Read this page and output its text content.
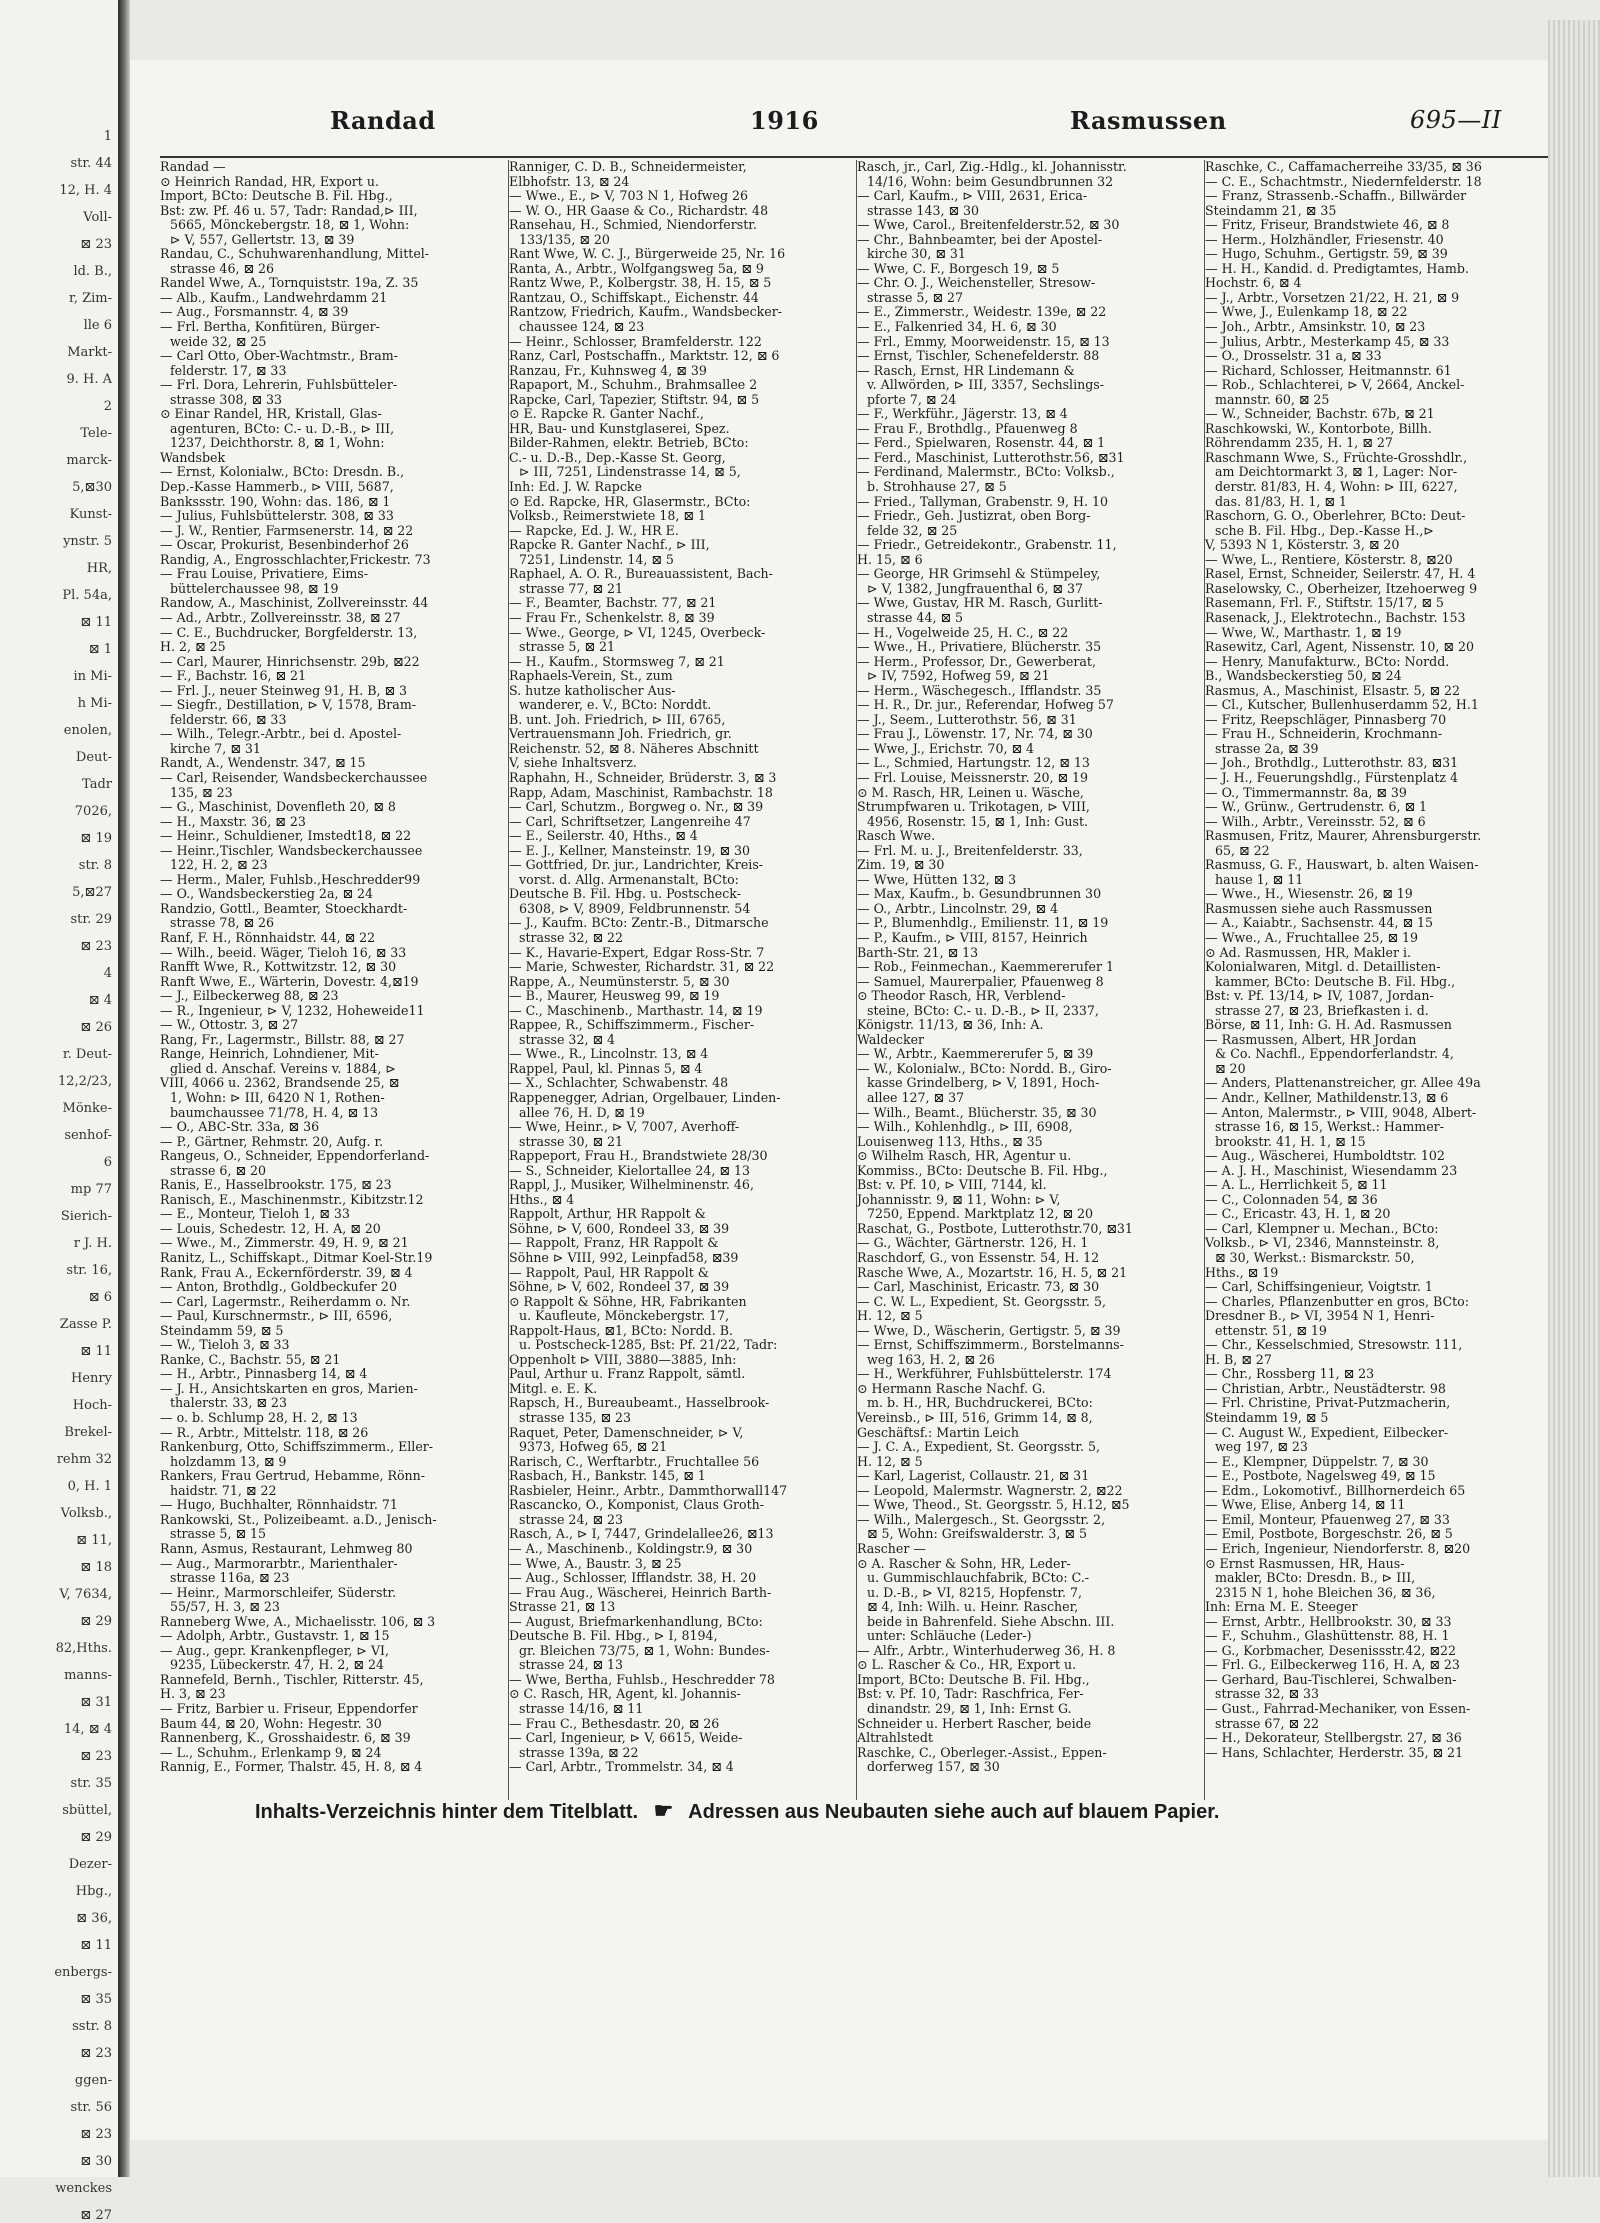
1
str. 44
12, H. 4
Voll-
⊠ 23
ld. B.,
r, Zim-
lle 6
Markt-
9. H. A
2
Tele-
marck-
5,⊠30
Kunst-
ynstr. 5
HR,
Pl. 54a,
⊠ 11
⊠ 1
in Mi-
h Mi-
enolen,
Deut-
Tadr
7026,
⊠ 19
str. 8
5,⊠27
str. 29
⊠ 23
4
⊠ 4
⊠ 26
r. Deut-
12,2/23,
Mönke-
senhof-
6
mp 77
Sierich-
r J. H.
str. 16,
⊠ 6
Zasse P.
⊠ 11
Henry
Hoch-
Brekel-
rehm 32
0, H. 1
Volksb.,
⊠ 11,
⊠ 18
V, 7634,
⊠ 29
82,Hths.
manns-
⊠ 31
14, ⊠ 4
⊠ 23
str. 35
sbüttel,
⊠ 29
Dezer-
Hbg.,
⊠ 36,
⊠ 11
enbergs-
⊠ 35
sstr. 8
⊠ 23
ggen-
str. 56
⊠ 23
⊠ 30
wenckes
⊠ 27
Randad	1916	Rasmussen	695—II
Randad —
⊙ Heinrich Randad, HR, Export u.
Import, BCto: Deutsche B. Fil. Hbg.,
Bst: zw. Pf. 46 u. 57, Tadr: Randad,⊳ III,
5665, Mönckebergstr. 18, ⊠ 1, Wohn:
⊳ V, 557, Gellertstr. 13, ⊠ 39
Randau, C., Schuhwarenhandlung, Mittel-
strasse 46, ⊠ 26
Randel Wwe, A., Tornquiststr. 19a, Z. 35
— Alb., Kaufm., Landwehrdamm 21
— Aug., Forsmannstr. 4, ⊠ 39
— Frl. Bertha, Konfitüren, Bürger-
weide 32, ⊠ 25
— Carl Otto, Ober-Wachtmstr., Bram-
felderstr. 17, ⊠ 33
— Frl. Dora, Lehrerin, Fuhlsbütteler-
strasse 308, ⊠ 33
⊙ Einar Randel, HR, Kristall, Glas-
agenturen, BCto: C.- u. D.-B., ⊳ III,
1237, Deichthorstr. 8, ⊠ 1, Wohn:
Wandsbek
— Ernst, Kolonialw., BCto: Dresdn. B.,
Dep.-Kasse Hammerb., ⊳ VIII, 5687,
Bankssstr. 190, Wohn: das. 186, ⊠ 1
— Julius, Fuhlsbüttelerstr. 308, ⊠ 33
— J. W., Rentier, Farmsenerstr. 14, ⊠ 22
— Oscar, Prokurist, Besenbinderhof 26
Randig, A., Engrosschlachter,Frickestr. 73
— Frau Louise, Privatiere, Eims-
büttelerchaussee 98, ⊠ 19
Randow, A., Maschinist, Zollvereinsstr. 44
— Ad., Arbtr., Zollvereinsstr. 38, ⊠ 27
— C. E., Buchdrucker, Borgfelderstr. 13,
H. 2, ⊠ 25
— Carl, Maurer, Hinrichsenstr. 29b, ⊠22
— F., Bachstr. 16, ⊠ 21
— Frl. J., neuer Steinweg 91, H. B, ⊠ 3
— Siegfr., Destillation, ⊳ V, 1578, Bram-
felderstr. 66, ⊠ 33
— Wilh., Telegr.-Arbtr., bei d. Apostel-
kirche 7, ⊠ 31
Randt, A., Wendenstr. 347, ⊠ 15
— Carl, Reisender, Wandsbeckerchaussee
135, ⊠ 23
— G., Maschinist, Dovenfleth 20, ⊠ 8
— H., Maxstr. 36, ⊠ 23
— Heinr., Schuldiener, Imstedt18, ⊠ 22
— Heinr.,Tischler, Wandsbeckerchaussee
122, H. 2, ⊠ 23
— Herm., Maler, Fuhlsb.,Heschredder99
— O., Wandsbeckerstieg 2a, ⊠ 24
Randzio, Gottl., Beamter, Stoeckhardt-
strasse 78, ⊠ 26
Ranf, F. H., Rönnhaidstr. 44, ⊠ 22
— Wilh., beeid. Wäger, Tieloh 16, ⊠ 33
Ranfft Wwe, R., Kottwitzstr. 12, ⊠ 30
Ranft Wwe, E., Wärterin, Dovestr. 4,⊠19
— J., Eilbeckerweg 88, ⊠ 23
— R., Ingenieur, ⊳ V, 1232, Hoheweide11
— W., Ottostr. 3, ⊠ 27
Rang, Fr., Lagermstr., Billstr. 88, ⊠ 27
Range, Heinrich, Lohndiener, Mit-
glied d. Anschaf. Vereins v. 1884, ⊳
VIII, 4066 u. 2362, Brandsende 25, ⊠
1, Wohn: ⊳ III, 6420 N 1, Rothen-
baumchaussee 71/78, H. 4, ⊠ 13
— O., ABC-Str. 33a, ⊠ 36
— P., Gärtner, Rehmstr. 20, Aufg. r.
Rangeus, O., Schneider, Eppendorferland-
strasse 6, ⊠ 20
Ranis, E., Hasselbrookstr. 175, ⊠ 23
Ranisch, E., Maschinenmstr., Kibitzstr.12
— E., Monteur, Tieloh 1, ⊠ 33
— Louis, Schedestr. 12, H. A, ⊠ 20
— Wwe., M., Zimmerstr. 49, H. 9, ⊠ 21
Ranitz, L., Schiffskapt., Ditmar Koel-Str.19
Rank, Frau A., Eckernförderstr. 39, ⊠ 4
— Anton, Brothdlg., Goldbeckufer 20
— Carl, Lagermstr., Reiherdamm o. Nr.
— Paul, Kurschnermstr., ⊳ III, 6596,
Steindamm 59, ⊠ 5
— W., Tieloh 3, ⊠ 33
Ranke, C., Bachstr. 55, ⊠ 21
— H., Arbtr., Pinnasberg 14, ⊠ 4
— J. H., Ansichtskarten en gros, Marien-
thalerstr. 33, ⊠ 23
— o. b. Schlump 28, H. 2, ⊠ 13
— R., Arbtr., Mittelstr. 118, ⊠ 26
Rankenburg, Otto, Schiffszimmerm., Eller-
holzdamm 13, ⊠ 9
Rankers, Frau Gertrud, Hebamme, Rönn-
haidstr. 71, ⊠ 22
— Hugo, Buchhalter, Rönnhaidstr. 71
Rankowski, St., Polizeibeamt. a.D., Jenisch-
strasse 5, ⊠ 15
Rann, Asmus, Restaurant, Lehmweg 80
— Aug., Marmorarbtr., Marienthaler-
strasse 116a, ⊠ 23
— Heinr., Marmorschleifer, Süderstr.
55/57, H. 3, ⊠ 23
Ranneberg Wwe, A., Michaelisstr. 106, ⊠ 3
— Adolph, Arbtr., Gustavstr. 1, ⊠ 15
— Aug., gepr. Krankenpfleger, ⊳ VI,
9235, Lübeckerstr. 47, H. 2, ⊠ 24
Rannefeld, Bernh., Tischler, Ritterstr. 45,
H. 3, ⊠ 23
— Fritz, Barbier u. Friseur, Eppendorfer
Baum 44, ⊠ 20, Wohn: Hegestr. 30
Rannenberg, K., Grosshaidestr. 6, ⊠ 39
— L., Schuhm., Erlenkamp 9, ⊠ 24
Rannig, E., Former, Thalstr. 45, H. 8, ⊠ 4
Ranniger, C. D. B., Schneidermeister,
Elbhofstr. 13, ⊠ 24
— Wwe., E., ⊳ V, 703 N 1, Hofweg 26
— W. O., HR Gaase & Co., Richardstr. 48
Ransehau, H., Schmied, Niendorferstr.
133/135, ⊠ 20
Rant Wwe, W. C. J., Bürgerweide 25, Nr. 16
Ranta, A., Arbtr., Wolfgangsweg 5a, ⊠ 9
Rantz Wwe, P., Kolbergstr. 38, H. 15, ⊠ 5
Rantzau, O., Schiffskapt., Eichenstr. 44
Rantzow, Friedrich, Kaufm., Wandsbecker-
chaussee 124, ⊠ 23
— Heinr., Schlosser, Bramfelderstr. 122
Ranz, Carl, Postschaffn., Marktstr. 12, ⊠ 6
Ranzau, Fr., Kuhnsweg 4, ⊠ 39
Rapaport, M., Schuhm., Brahmsallee 2
Rapcke, Carl, Tapezier, Stiftstr. 94, ⊠ 5
⊙ E. Rapcke R. Ganter Nachf.,
HR, Bau- und Kunstglaserei, Spez.
Bilder-Rahmen, elektr. Betrieb, BCto:
C.- u. D.-B., Dep.-Kasse St. Georg,
⊳ III, 7251, Lindenstrasse 14, ⊠ 5,
Inh: Ed. J. W. Rapcke
⊙ Ed. Rapcke, HR, Glasermstr., BCto:
Volksb., Reimerstwiete 18, ⊠ 1
— Rapcke, Ed. J. W., HR E.
Rapcke R. Ganter Nachf., ⊳ III,
7251, Lindenstr. 14, ⊠ 5
Raphael, A. O. R., Bureauassistent, Bach-
strasse 77, ⊠ 21
— F., Beamter, Bachstr. 77, ⊠ 21
— Frau Fr., Schenkelstr. 8, ⊠ 39
— Wwe., George, ⊳ VI, 1245, Overbeck-
strasse 5, ⊠ 21
— H., Kaufm., Stormsweg 7, ⊠ 21
Raphaels-Verein, St., zum
S. hutze katholischer Aus-
wanderer, e. V., BCto: Norddt.
B. unt. Joh. Friedrich, ⊳ III, 6765,
Vertrauensmann Joh. Friedrich, gr.
Reichenstr. 52, ⊠ 8. Näheres Abschnitt
V, siehe Inhaltsverz.
Raphahn, H., Schneider, Brüderstr. 3, ⊠ 3
Rapp, Adam, Maschinist, Rambachstr. 18
— Carl, Schutzm., Borgweg o. Nr., ⊠ 39
— Carl, Schriftsetzer, Langenreihe 47
— E., Seilerstr. 40, Hths., ⊠ 4
— E. J., Kellner, Mansteinstr. 19, ⊠ 30
— Gottfried, Dr. jur., Landrichter, Kreis-
vorst. d. Allg. Armenanstalt, BCto:
Deutsche B. Fil. Hbg. u. Postscheck-
6308, ⊳ V, 8909, Feldbrunnenstr. 54
— J., Kaufm. BCto: Zentr.-B., Ditmarsche
strasse 32, ⊠ 22
— K., Havarie-Expert, Edgar Ross-Str. 7
— Marie, Schwester, Richardstr. 31, ⊠ 22
Rappe, A., Neumünsterstr. 5, ⊠ 30
— B., Maurer, Heusweg 99, ⊠ 19
— C., Maschinenb., Marthastr. 14, ⊠ 19
Rappee, R., Schiffszimmerm., Fischer-
strasse 32, ⊠ 4
— Wwe., R., Lincolnstr. 13, ⊠ 4
Rappel, Paul, kl. Pinnas 5, ⊠ 4
— X., Schlachter, Schwabenstr. 48
Rappenegger, Adrian, Orgelbauer, Linden-
allee 76, H. D, ⊠ 19
— Wwe, Heinr., ⊳ V, 7007, Averhoff-
strasse 30, ⊠ 21
Rappeport, Frau H., Brandstwiete 28/30
— S., Schneider, Kielortallee 24, ⊠ 13
Rappl, J., Musiker, Wilhelminenstr. 46,
Hths., ⊠ 4
Rappolt, Arthur, HR Rappolt &
Söhne, ⊳ V, 600, Rondeel 33, ⊠ 39
— Rappolt, Franz, HR Rappolt &
Söhne ⊳ VIII, 992, Leinpfad58, ⊠39
— Rappolt, Paul, HR Rappolt &
Söhne, ⊳ V, 602, Rondeel 37, ⊠ 39
⊙ Rappolt & Söhne, HR, Fabrikanten
u. Kaufleute, Mönckebergstr. 17,
Rappolt-Haus, ⊠1, BCto: Nordd. B.
u. Postscheck-1285, Bst: Pf. 21/22, Tadr:
Oppenholt ⊳ VIII, 3880—3885, Inh:
Paul, Arthur u. Franz Rappolt, sämtl.
Mitgl. e. E. K.
Rapsch, H., Bureaubeamt., Hasselbrook-
strasse 135, ⊠ 23
Raquet, Peter, Damenschneider, ⊳ V,
9373, Hofweg 65, ⊠ 21
Rarisch, C., Werftarbtr., Fruchtallee 56
Rasbach, H., Bankstr. 145, ⊠ 1
Rasbieler, Heinr., Arbtr., Dammthorwall147
Rascancko, O., Komponist, Claus Groth-
strasse 24, ⊠ 23
Rasch, A., ⊳ I, 7447, Grindelallee26, ⊠13
— A., Maschinenb., Koldingstr.9, ⊠ 30
— Wwe, A., Baustr. 3, ⊠ 25
— Aug., Schlosser, Ifflandstr. 38, H. 20
— Frau Aug., Wäscherei, Heinrich Barth-
Strasse 21, ⊠ 13
— August, Briefmarkenhandlung, BCto:
Deutsche B. Fil. Hbg., ⊳ I, 8194,
gr. Bleichen 73/75, ⊠ 1, Wohn: Bundes-
strasse 24, ⊠ 13
— Wwe, Bertha, Fuhlsb., Heschredder 78
⊙ C. Rasch, HR, Agent, kl. Johannis-
strasse 14/16, ⊠ 11
— Frau C., Bethesdastr. 20, ⊠ 26
— Carl, Ingenieur, ⊳ V, 6615, Weide-
strasse 139a, ⊠ 22
— Carl, Arbtr., Trommelstr. 34, ⊠ 4
Rasch, jr., Carl, Zig.-Hdlg., kl. Johannisstr.
14/16, Wohn: beim Gesundbrunnen 32
— Carl, Kaufm., ⊳ VIII, 2631, Erica-
strasse 143, ⊠ 30
— Wwe, Carol., Breitenfelderstr.52, ⊠ 30
— Chr., Bahnbeamter, bei der Apostel-
kirche 30, ⊠ 31
— Wwe, C. F., Borgesch 19, ⊠ 5
— Chr. O. J., Weichensteller, Stresow-
strasse 5, ⊠ 27
— E., Zimmerstr., Weidestr. 139e, ⊠ 22
— E., Falkenried 34, H. 6, ⊠ 30
— Frl., Emmy, Moorweidenstr. 15, ⊠ 13
— Ernst, Tischler, Schenefelderstr. 88
— Rasch, Ernst, HR Lindemann &
v. Allwörden, ⊳ III, 3357, Sechslings-
pforte 7, ⊠ 24
— F., Werkführ., Jägerstr. 13, ⊠ 4
— Frau F., Brothdlg., Pfauenweg 8
— Ferd., Spielwaren, Rosenstr. 44, ⊠ 1
— Ferd., Maschinist, Lutterothstr.56, ⊠31
— Ferdinand, Malermstr., BCto: Volksb.,
b. Strohhause 27, ⊠ 5
— Fried., Tallyman, Grabenstr. 9, H. 10
— Friedr., Geh. Justizrat, oben Borg-
felde 32, ⊠ 25
— Friedr., Getreidekontr., Grabenstr. 11,
H. 15, ⊠ 6
— George, HR Grimsehl & Stümpeley,
⊳ V, 1382, Jungfrauenthal 6, ⊠ 37
— Wwe, Gustav, HR M. Rasch, Gurlitt-
strasse 44, ⊠ 5
— H., Vogelweide 25, H. C., ⊠ 22
— Wwe., H., Privatiere, Blücherstr. 35
— Herm., Professor, Dr., Gewerberat,
⊳ IV, 7592, Hofweg 59, ⊠ 21
— Herm., Wäschegesch., Ifflandstr. 35
— H. R., Dr. jur., Referendar, Hofweg 57
— J., Seem., Lutterothstr. 56, ⊠ 31
— Frau J., Löwenstr. 17, Nr. 74, ⊠ 30
— Wwe, J., Erichstr. 70, ⊠ 4
— L., Schmied, Hartungstr. 12, ⊠ 13
— Frl. Louise, Meissnerstr. 20, ⊠ 19
⊙ M. Rasch, HR, Leinen u. Wäsche,
Strumpfwaren u. Trikotagen, ⊳ VIII,
4956, Rosenstr. 15, ⊠ 1, Inh: Gust.
Rasch Wwe.
— Frl. M. u. J., Breitenfelderstr. 33,
Zim. 19, ⊠ 30
— Wwe, Hütten 132, ⊠ 3
— Max, Kaufm., b. Gesundbrunnen 30
— O., Arbtr., Lincolnstr. 29, ⊠ 4
— P., Blumenhdlg., Emilienstr. 11, ⊠ 19
— P., Kaufm., ⊳ VIII, 8157, Heinrich
Barth-Str. 21, ⊠ 13
— Rob., Feinmechan., Kaemmererufer 1
— Samuel, Maurerpalier, Pfauenweg 8
⊙ Theodor Rasch, HR, Verblend-
steine, BCto: C.- u. D.-B., ⊳ II, 2337,
Königstr. 11/13, ⊠ 36, Inh: A.
Waldecker
— W., Arbtr., Kaemmererufer 5, ⊠ 39
— W., Kolonialw., BCto: Nordd. B., Giro-
kasse Grindelberg, ⊳ V, 1891, Hoch-
allee 127, ⊠ 37
— Wilh., Beamt., Blücherstr. 35, ⊠ 30
— Wilh., Kohlenhdlg., ⊳ III, 6908,
Louisenweg 113, Hths., ⊠ 35
⊙ Wilhelm Rasch, HR, Agentur u.
Kommiss., BCto: Deutsche B. Fil. Hbg.,
Bst: v. Pf. 10, ⊳ VIII, 7144, kl.
Johannisstr. 9, ⊠ 11, Wohn: ⊳ V,
7250, Eppend. Marktplatz 12, ⊠ 20
Raschat, G., Postbote, Lutterothstr.70, ⊠31
— G., Wächter, Gärtnerstr. 126, H. 1
Raschdorf, G., von Essenstr. 54, H. 12
Rasche Wwe, A., Mozartstr. 16, H. 5, ⊠ 21
— Carl, Maschinist, Ericastr. 73, ⊠ 30
— C. W. L., Expedient, St. Georgsstr. 5,
H. 12, ⊠ 5
— Wwe, D., Wäscherin, Gertigstr. 5, ⊠ 39
— Ernst, Schiffszimmerm., Borstelmanns-
weg 163, H. 2, ⊠ 26
— H., Werkführer, Fuhlsbüttelerstr. 174
⊙ Hermann Rasche Nachf. G.
m. b. H., HR, Buchdruckerei, BCto:
Vereinsb., ⊳ III, 516, Grimm 14, ⊠ 8,
Geschäftsf.: Martin Leich
— J. C. A., Expedient, St. Georgsstr. 5,
H. 12, ⊠ 5
— Karl, Lagerist, Collaustr. 21, ⊠ 31
— Leopold, Malermstr. Wagnerstr. 2, ⊠22
— Wwe, Theod., St. Georgsstr. 5, H.12, ⊠5
— Wilh., Malergesch., St. Georgsstr. 2,
⊠ 5, Wohn: Greifswalderstr. 3, ⊠ 5
Rascher —
⊙ A. Rascher & Sohn, HR, Leder-
u. Gummischlauchfabrik, BCto: C.-
u. D.-B., ⊳ VI, 8215, Hopfenstr. 7,
⊠ 4, Inh: Wilh. u. Heinr. Rascher,
beide in Bahrenfeld. Siehe Abschn. III.
unter: Schläuche (Leder-)
— Alfr., Arbtr., Winterhuderweg 36, H. 8
⊙ L. Rascher & Co., HR, Export u.
Import, BCto: Deutsche B. Fil. Hbg.,
Bst: v. Pf. 10, Tadr: Raschfrica, Fer-
dinandstr. 29, ⊠ 1, Inh: Ernst G.
Schneider u. Herbert Rascher, beide
Altrahlstedt
Raschke, C., Oberleger.-Assist., Eppen-
dorferweg 157, ⊠ 30
Raschke, C., Caffamacherreihe 33/35, ⊠ 36
— C. E., Schachtmstr., Niedernfelderstr. 18
— Franz, Strassenb.-Schaffn., Billwärder
Steindamm 21, ⊠ 35
— Fritz, Friseur, Brandstwiete 46, ⊠ 8
— Herm., Holzhändler, Friesenstr. 40
— Hugo, Schuhm., Gertigstr. 59, ⊠ 39
— H. H., Kandid. d. Predigtamtes, Hamb.
Hochstr. 6, ⊠ 4
— J., Arbtr., Vorsetzen 21/22, H. 21, ⊠ 9
— Wwe, J., Eulenkamp 18, ⊠ 22
— Joh., Arbtr., Amsinkstr. 10, ⊠ 23
— Julius, Arbtr., Mesterkamp 45, ⊠ 33
— O., Drosselstr. 31 a, ⊠ 33
— Richard, Schlosser, Heitmannstr. 61
— Rob., Schlachterei, ⊳ V, 2664, Anckel-
mannstr. 60, ⊠ 25
— W., Schneider, Bachstr. 67b, ⊠ 21
Raschkowski, W., Kontorbote, Billh.
Röhrendamm 235, H. 1, ⊠ 27
Raschmann Wwe, S., Früchte-Grosshdlr.,
am Deichtormarkt 3, ⊠ 1, Lager: Nor-
derstr. 81/83, H. 4, Wohn: ⊳ III, 6227,
das. 81/83, H. 1, ⊠ 1
Raschorn, G. O., Oberlehrer, BCto: Deut-
sche B. Fil. Hbg., Dep.-Kasse H.,⊳
V, 5393 N 1, Kösterstr. 3, ⊠ 20
— Wwe, L., Rentiere, Kösterstr. 8, ⊠20
Rasel, Ernst, Schneider, Seilerstr. 47, H. 4
Raselowsky, C., Oberheizer, Itzehoerweg 9
Rasemann, Frl. F., Stiftstr. 15/17, ⊠ 5
Rasenack, J., Elektrotechn., Bachstr. 153
— Wwe, W., Marthastr. 1, ⊠ 19
Rasewitz, Carl, Agent, Nissenstr. 10, ⊠ 20
— Henry, Manufakturw., BCto: Nordd.
B., Wandsbeckerstieg 50, ⊠ 24
Rasmus, A., Maschinist, Elsastr. 5, ⊠ 22
— Cl., Kutscher, Bullenhuserdamm 52, H.1
— Fritz, Reepschläger, Pinnasberg 70
— Frau H., Schneiderin, Krochmann-
strasse 2a, ⊠ 39
— Joh., Brothdlg., Lutterothstr. 83, ⊠31
— J. H., Feuerungshdlg., Fürstenplatz 4
— O., Timmermannstr. 8a, ⊠ 39
— W., Grünw., Gertrudenstr. 6, ⊠ 1
— Wilh., Arbtr., Vereinsstr. 52, ⊠ 6
Rasmusen, Fritz, Maurer, Ahrensburgerstr.
65, ⊠ 22
Rasmuss, G. F., Hauswart, b. alten Waisen-
hause 1, ⊠ 11
— Wwe., H., Wiesenstr. 26, ⊠ 19
Rasmussen siehe auch Rassmussen
— A., Kaiabtr., Sachsenstr. 44, ⊠ 15
— Wwe., A., Fruchtallee 25, ⊠ 19
⊙ Ad. Rasmussen, HR, Makler i.
Kolonialwaren, Mitgl. d. Detaillisten-
kammer, BCto: Deutsche B. Fil. Hbg.,
Bst: v. Pf. 13/14, ⊳ IV, 1087, Jordan-
strasse 27, ⊠ 23, Briefkasten i. d.
Börse, ⊠ 11, Inh: G. H. Ad. Rasmussen
— Rasmussen, Albert, HR Jordan
& Co. Nachfl., Eppendorferlandstr. 4,
⊠ 20
— Anders, Plattenanstreicher, gr. Allee 49a
— Andr., Kellner, Mathildenstr.13, ⊠ 6
— Anton, Malermstr., ⊳ VIII, 9048, Albert-
strasse 16, ⊠ 15, Werkst.: Hammer-
brookstr. 41, H. 1, ⊠ 15
— Aug., Wäscherei, Humboldtstr. 102
— A. J. H., Maschinist, Wiesendamm 23
— A. L., Herrlichkeit 5, ⊠ 11
— C., Colonnaden 54, ⊠ 36
— C., Ericastr. 43, H. 1, ⊠ 20
— Carl, Klempner u. Mechan., BCto:
Volksb., ⊳ VI, 2346, Mannsteinstr. 8,
⊠ 30, Werkst.: Bismarckstr. 50,
Hths., ⊠ 19
— Carl, Schiffsingenieur, Voigtstr. 1
— Charles, Pflanzenbutter en gros, BCto:
Dresdner B., ⊳ VI, 3954 N 1, Henri-
ettenstr. 51, ⊠ 19
— Chr., Kesselschmied, Stresowstr. 111,
H. B, ⊠ 27
— Chr., Rossberg 11, ⊠ 23
— Christian, Arbtr., Neustädterstr. 98
— Frl. Christine, Privat-Putzmacherin,
Steindamm 19, ⊠ 5
— C. August W., Expedient, Eilbecker-
weg 197, ⊠ 23
— E., Klempner, Düppelstr. 7, ⊠ 30
— E., Postbote, Nagelsweg 49, ⊠ 15
— Edm., Lokomotivf., Billhornerdeich 65
— Wwe, Elise, Anberg 14, ⊠ 11
— Emil, Monteur, Pfauenweg 27, ⊠ 33
— Emil, Postbote, Borgeschstr. 26, ⊠ 5
— Erich, Ingenieur, Niendorferstr. 8, ⊠20
⊙ Ernst Rasmussen, HR, Haus-
makler, BCto: Dresdn. B., ⊳ III,
2315 N 1, hohe Bleichen 36, ⊠ 36,
Inh: Erna M. E. Steeger
— Ernst, Arbtr., Hellbrookstr. 30, ⊠ 33
— F., Schuhm., Glashüttenstr. 88, H. 1
— G., Korbmacher, Desenissstr.42, ⊠22
— Frl. G., Eilbeckerweg 116, H. A, ⊠ 23
— Gerhard, Bau-Tischlerei, Schwalben-
strasse 32, ⊠ 33
— Gust., Fahrrad-Mechaniker, von Essen-
strasse 67, ⊠ 22
— H., Dekorateur, Stellbergstr. 27, ⊠ 36
— Hans, Schlachter, Herderstr. 35, ⊠ 21
Inhalts-Verzeichnis hinter dem Titelblatt. ☛ Adressen aus Neubauten siehe auch auf blauem Papier.
